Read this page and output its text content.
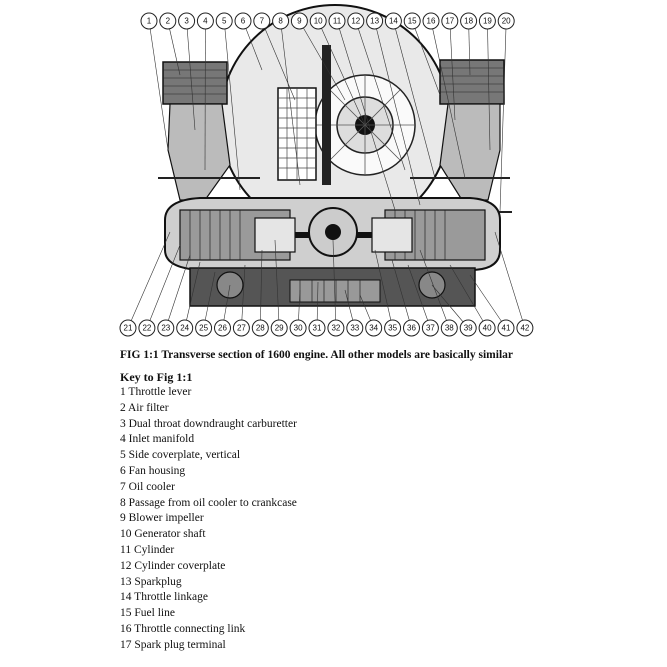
1 2 3 4 5 6 7 8 9 10 11 12 13 14 15 16 17 18 19 20
21 22 23 24 25 26 27 28 29 30 31 32 33 34 35 36 37 38 39 40 41 42
FIG 1:1 Transverse section of 1600 engine. All other models are basically similar
Key to Fig 1:1
1 Throttle lever
2 Air filter
3 Dual throat downdraught carburetter
4 Inlet manifold
5 Side coverplate, vertical
6 Fan housing
7 Oil cooler
8 Passage from oil cooler to crankcase
9 Blower impeller
10 Generator shaft
11 Cylinder
12 Cylinder coverplate
13 Sparkplug
14 Throttle linkage
15 Fuel line
16 Throttle connecting link
17 Spark plug terminal
